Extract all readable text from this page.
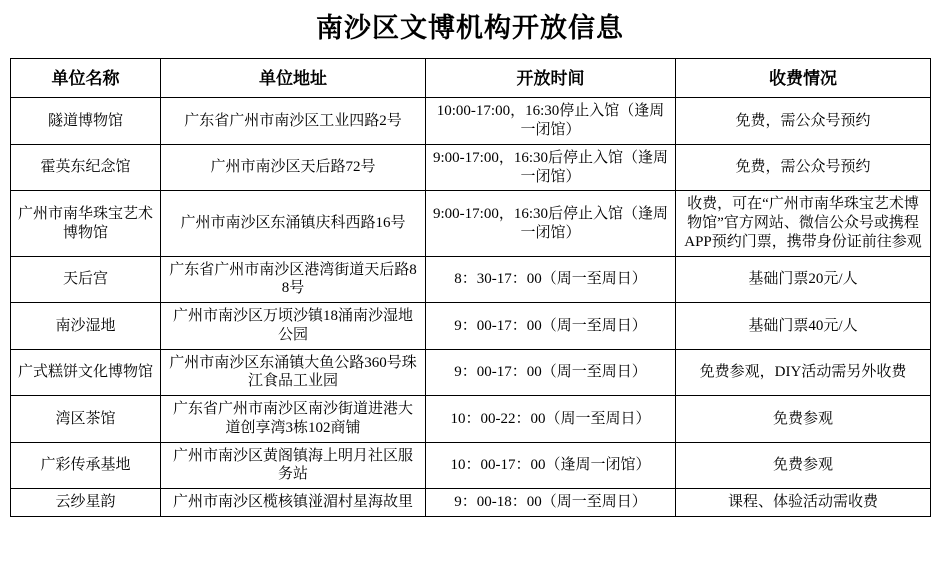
南沙区文博机构开放信息
单位名称	单位地址	开放时间	收费情况
隧道博物馆	广东省广州市南沙区工业四路2号	10:00-17:00，16:30停止入馆（逢周一闭馆）	免费，需公众号预约
霍英东纪念馆	广州市南沙区天后路72号	9:00-17:00，16:30后停止入馆（逢周一闭馆）	免费，需公众号预约
广州市南华珠宝艺术博物馆	广州市南沙区东涌镇庆科西路16号	9:00-17:00，16:30后停止入馆（逢周一闭馆）	收费，可在“广州市南华珠宝艺术博物馆”官方网站、微信公众号或携程APP预约门票，携带身份证前往参观
天后宫	广东省广州市南沙区港湾街道天后路88号	8：30-17：00（周一至周日）	基础门票20元/人
南沙湿地	广州市南沙区万顷沙镇18涌南沙湿地公园	9：00-17：00（周一至周日）	基础门票40元/人
广式糕饼文化博物馆	广州市南沙区东涌镇大鱼公路360号珠江食品工业园	9：00-17：00（周一至周日）	免费参观，DIY活动需另外收费
湾区茶馆	广东省广州市南沙区南沙街道进港大道创享湾3栋102商铺	10：00-22：00（周一至周日）	免费参观
广彩传承基地	广州市南沙区黄阁镇海上明月社区服务站	10：00-17：00（逢周一闭馆）	免费参观
云纱星韵	广州市南沙区榄核镇湴湄村星海故里	9：00-18：00（周一至周日）	课程、体验活动需收费
